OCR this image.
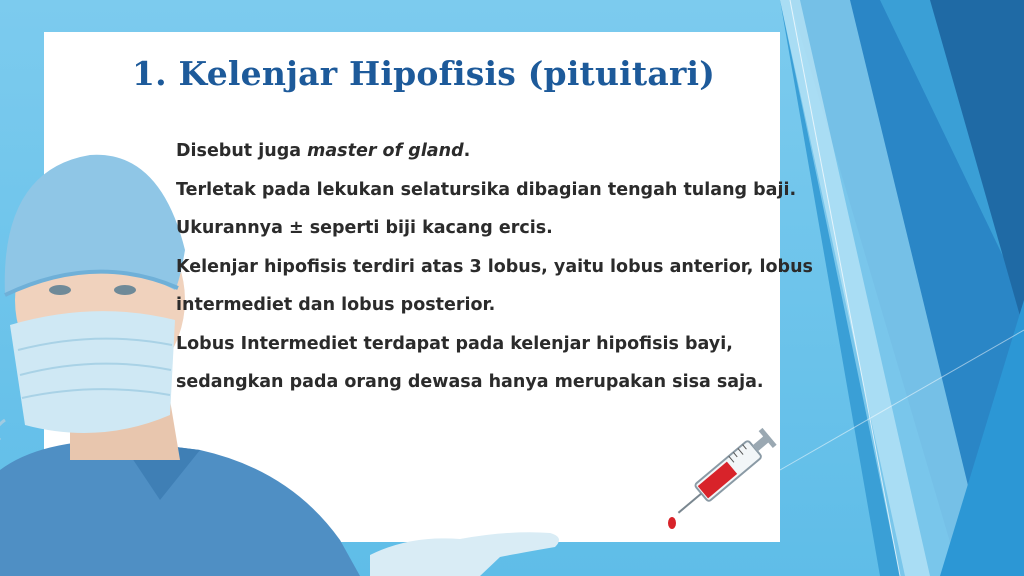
1. Kelenjar Hipofisis (pituitari)
Disebut juga master of gland.
Terletak pada lekukan selatursika dibagian tengah tulang baji.
Ukurannya ± seperti biji kacang ercis.
Kelenjar hipofisis terdiri atas 3 lobus, yaitu lobus anterior, lobus
intermediet dan lobus posterior.
Lobus Intermediet terdapat pada kelenjar hipofisis bayi,
sedangkan pada orang dewasa hanya merupakan sisa saja.
